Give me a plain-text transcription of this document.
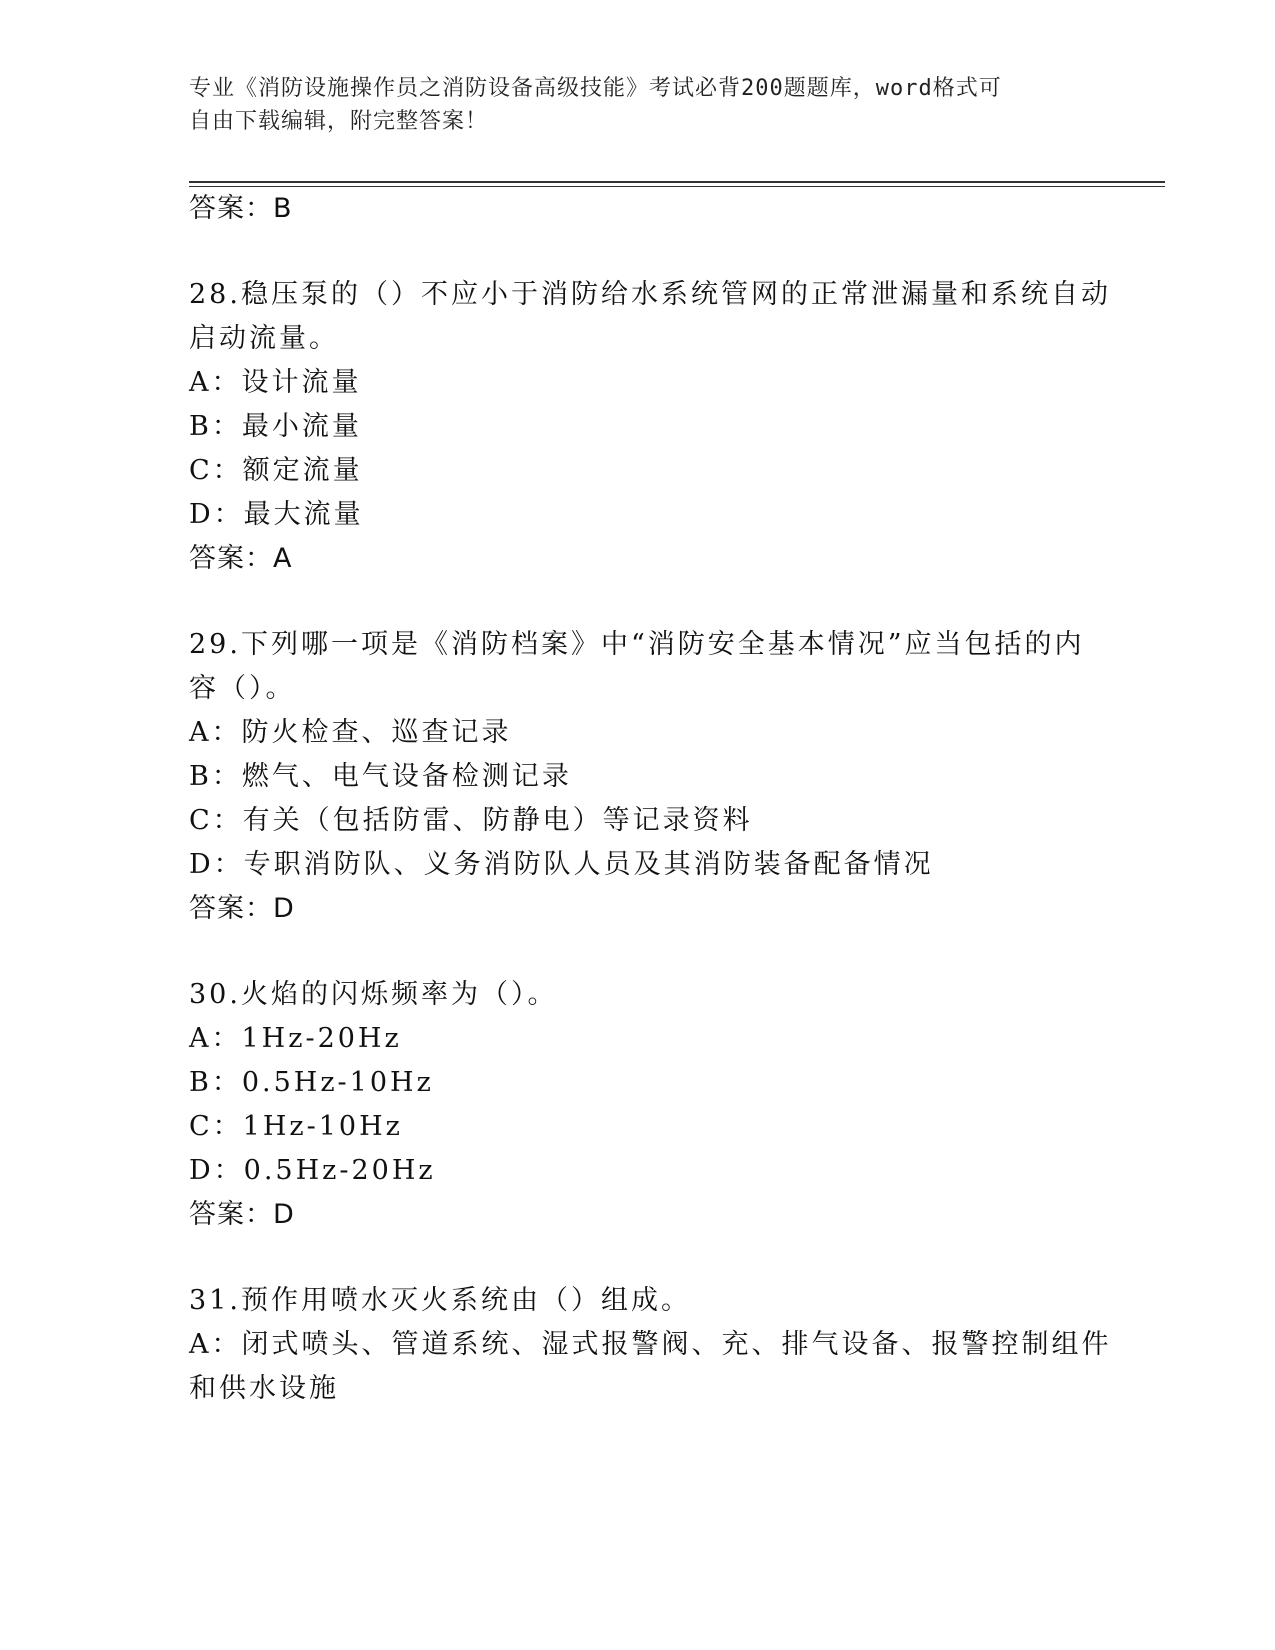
专业《消防设施操作员之消防设备高级技能》考试必背200题题库，word格式可
自由下载编辑，附完整答案！
答案：B
28.稳压泵的（）不应小于消防给水系统管网的正常泄漏量和系统自动
启动流量。
A：设计流量
B：最小流量
C：额定流量
D：最大流量
答案：A
29.下列哪一项是《消防档案》中“消防安全基本情况”应当包括的内
容（）。
A：防火检查、巡查记录
B：燃气、电气设备检测记录
C：有关（包括防雷、防静电）等记录资料
D：专职消防队、义务消防队人员及其消防装备配备情况
答案：D
30.火焰的闪烁频率为（）。
A：1Hz-20Hz
B：0.5Hz-10Hz
C：1Hz-10Hz
D：0.5Hz-20Hz
答案：D
31.预作用喷水灭火系统由（）组成。
A：闭式喷头、管道系统、湿式报警阀、充、排气设备、报警控制组件
和供水设施
